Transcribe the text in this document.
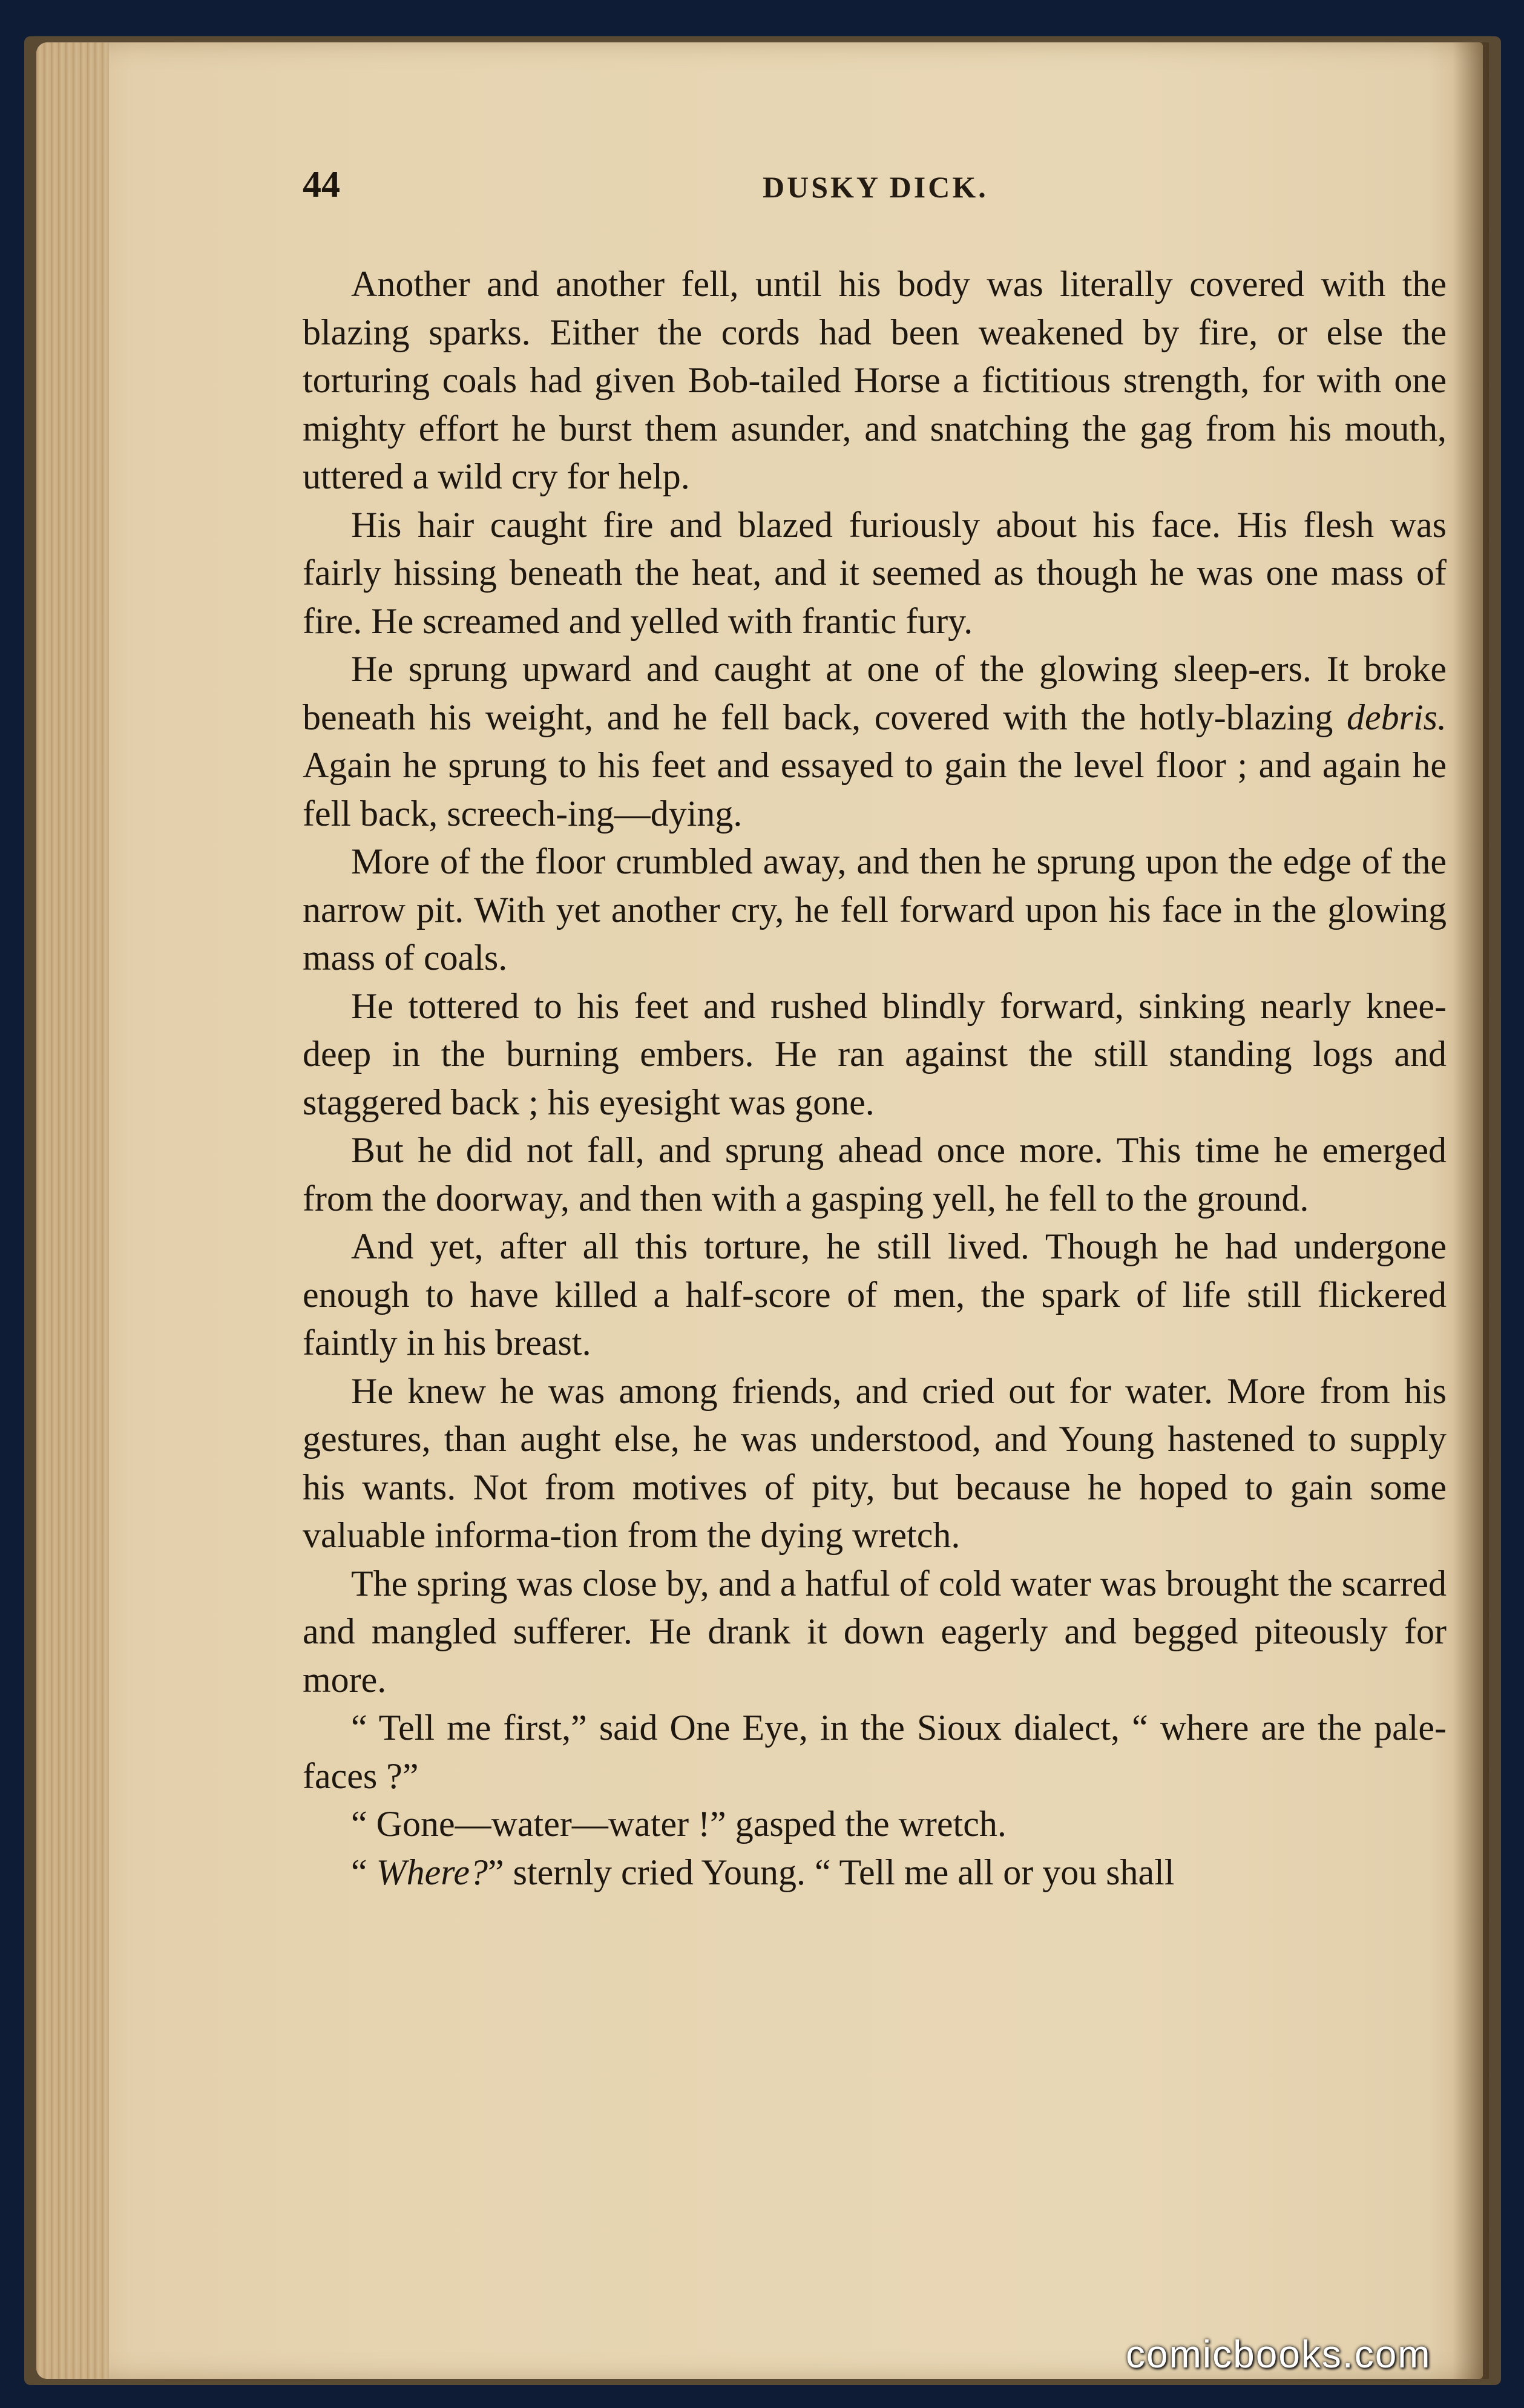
44	DUSKY DICK.

Another and another fell, until his body was literally covered with the blazing sparks. Either the cords had been weakened by fire, or else the torturing coals had given Bob-tailed Horse a fictitious strength, for with one mighty effort he burst them asunder, and snatching the gag from his mouth, uttered a wild cry for help.

His hair caught fire and blazed furiously about his face. His flesh was fairly hissing beneath the heat, and it seemed as though he was one mass of fire. He screamed and yelled with frantic fury.

He sprung upward and caught at one of the glowing sleep-ers. It broke beneath his weight, and he fell back, covered with the hotly-blazing debris. Again he sprung to his feet and essayed to gain the level floor ; and again he fell back, screech-ing—dying.

More of the floor crumbled away, and then he sprung upon the edge of the narrow pit. With yet another cry, he fell forward upon his face in the glowing mass of coals.

He tottered to his feet and rushed blindly forward, sinking nearly knee-deep in the burning embers. He ran against the still standing logs and staggered back ; his eyesight was gone.

But he did not fall, and sprung ahead once more. This time he emerged from the doorway, and then with a gasping yell, he fell to the ground.

And yet, after all this torture, he still lived. Though he had undergone enough to have killed a half-score of men, the spark of life still flickered faintly in his breast.

He knew he was among friends, and cried out for water. More from his gestures, than aught else, he was understood, and Young hastened to supply his wants. Not from motives of pity, but because he hoped to gain some valuable informa-tion from the dying wretch.

The spring was close by, and a hatful of cold water was brought the scarred and mangled sufferer. He drank it down eagerly and begged piteously for more.

“ Tell me first,” said One Eye, in the Sioux dialect, “ where are the pale-faces ?”

“ Gone—water—water !” gasped the wretch.

“ Where?” sternly cried Young. “ Tell me all or you shall

comicbooks.com
